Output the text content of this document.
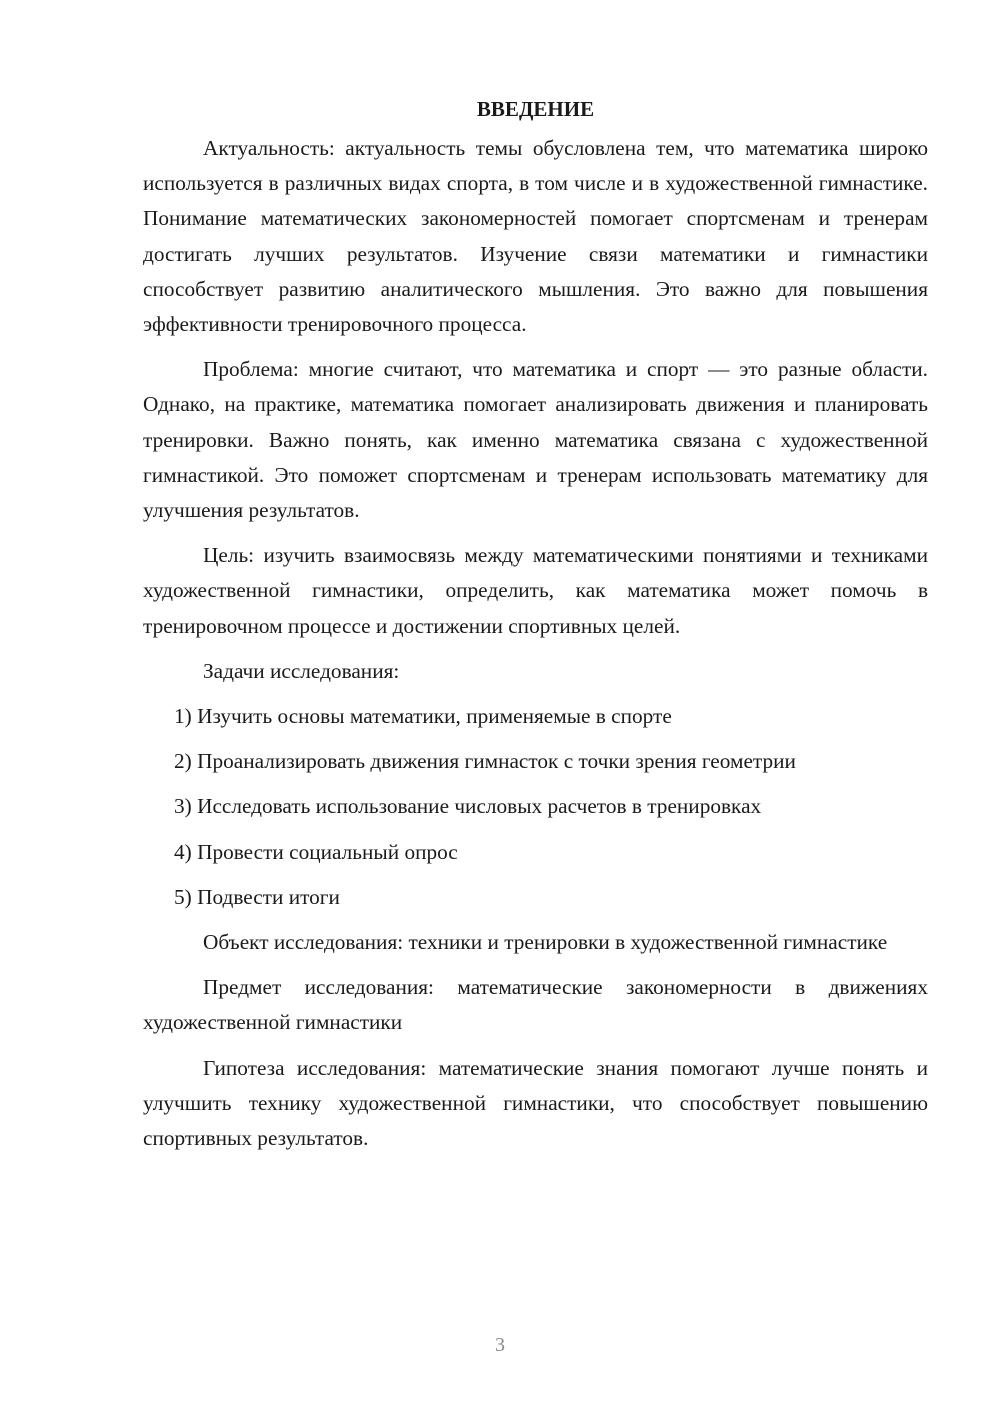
ВВЕДЕНИЕ

Актуальность: актуальность темы обусловлена тем, что математика широко используется в различных видах спорта, в том числе и в художественной гимнастике. Понимание математических закономерностей помогает спортсменам и тренерам достигать лучших результатов. Изучение связи математики и гимнастики способствует развитию аналитического мышления. Это важно для повышения эффективности тренировочного процесса.

Проблема: многие считают, что математика и спорт — это разные области. Однако, на практике, математика помогает анализировать движения и планировать тренировки. Важно понять, как именно математика связана с художественной гимнастикой. Это поможет спортсменам и тренерам использовать математику для улучшения результатов.

Цель: изучить взаимосвязь между математическими понятиями и техниками художественной гимнастики, определить, как математика может помочь в тренировочном процессе и достижении спортивных целей.

Задачи исследования:

1) Изучить основы математики, применяемые в спорте
2) Проанализировать движения гимнасток с точки зрения геометрии
3) Исследовать использование числовых расчетов в тренировках
4) Провести социальный опрос
5) Подвести итоги

Объект исследования: техники и тренировки в художественной гимнастике

Предмет исследования: математические закономерности в движениях художественной гимнастики

Гипотеза исследования: математические знания помогают лучше понять и улучшить технику художественной гимнастики, что способствует повышению спортивных результатов.

3
